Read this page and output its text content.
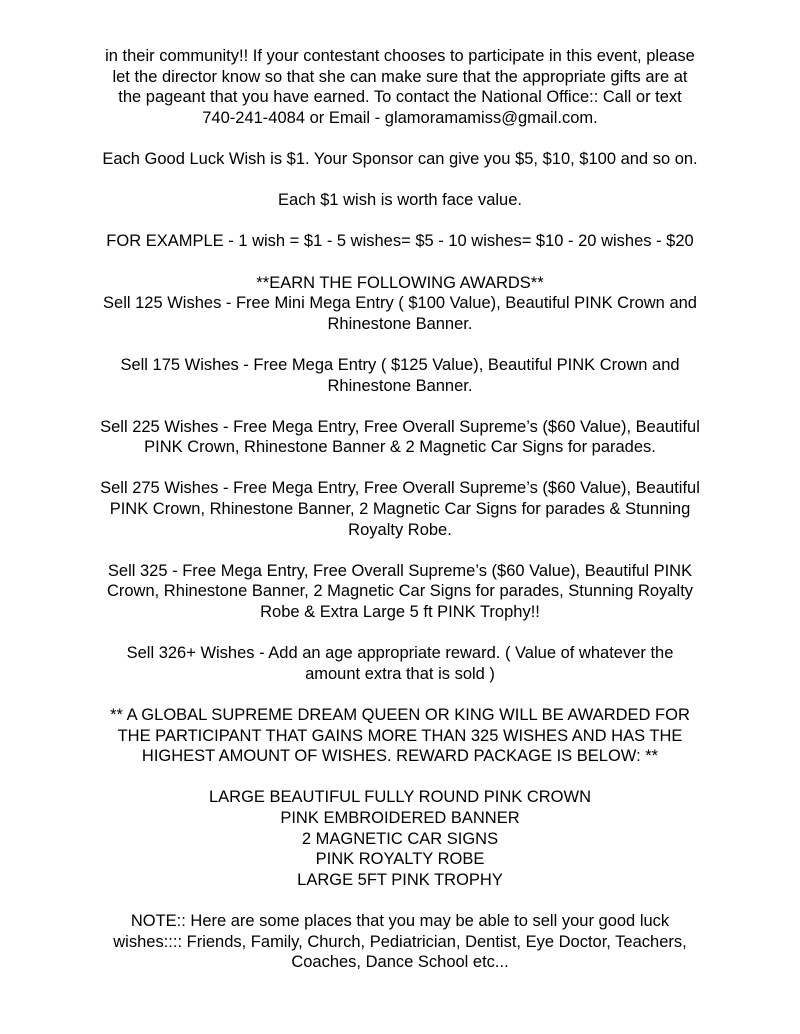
in their community!! If your contestant chooses to participate in this event, please
let the director know so that she can make sure that the appropriate gifts are at
the pageant that you have earned. To contact the National Office:: Call or text
740-241-4084 or Email - glamoramamiss@gmail.com.

Each Good Luck Wish is $1. Your Sponsor can give you $5, $10, $100 and so on.

Each $1 wish is worth face value.

FOR EXAMPLE - 1 wish = $1 - 5 wishes= $5 - 10 wishes= $10 - 20 wishes - $20

**EARN THE FOLLOWING AWARDS**
Sell 125 Wishes - Free Mini Mega Entry ( $100 Value), Beautiful PINK Crown and
Rhinestone Banner.

Sell 175 Wishes - Free Mega Entry ( $125 Value), Beautiful PINK Crown and
Rhinestone Banner.

Sell 225 Wishes - Free Mega Entry, Free Overall Supreme’s ($60 Value), Beautiful
PINK Crown, Rhinestone Banner & 2 Magnetic Car Signs for parades.

Sell 275 Wishes - Free Mega Entry, Free Overall Supreme’s ($60 Value), Beautiful
PINK Crown, Rhinestone Banner, 2 Magnetic Car Signs for parades & Stunning
Royalty Robe.

Sell 325 - Free Mega Entry, Free Overall Supreme’s ($60 Value), Beautiful PINK
Crown, Rhinestone Banner, 2 Magnetic Car Signs for parades, Stunning Royalty
Robe & Extra Large 5 ft PINK Trophy!!

Sell 326+ Wishes - Add an age appropriate reward. ( Value of whatever the
amount extra that is sold )

** A GLOBAL SUPREME DREAM QUEEN OR KING WILL BE AWARDED FOR
THE PARTICIPANT THAT GAINS MORE THAN 325 WISHES AND HAS THE
HIGHEST AMOUNT OF WISHES. REWARD PACKAGE IS BELOW: **

LARGE BEAUTIFUL FULLY ROUND PINK CROWN
PINK EMBROIDERED BANNER
2 MAGNETIC CAR SIGNS
PINK ROYALTY ROBE
LARGE 5FT PINK TROPHY

NOTE:: Here are some places that you may be able to sell your good luck
wishes:::: Friends, Family, Church, Pediatrician, Dentist, Eye Doctor, Teachers,
Coaches, Dance School etc...
